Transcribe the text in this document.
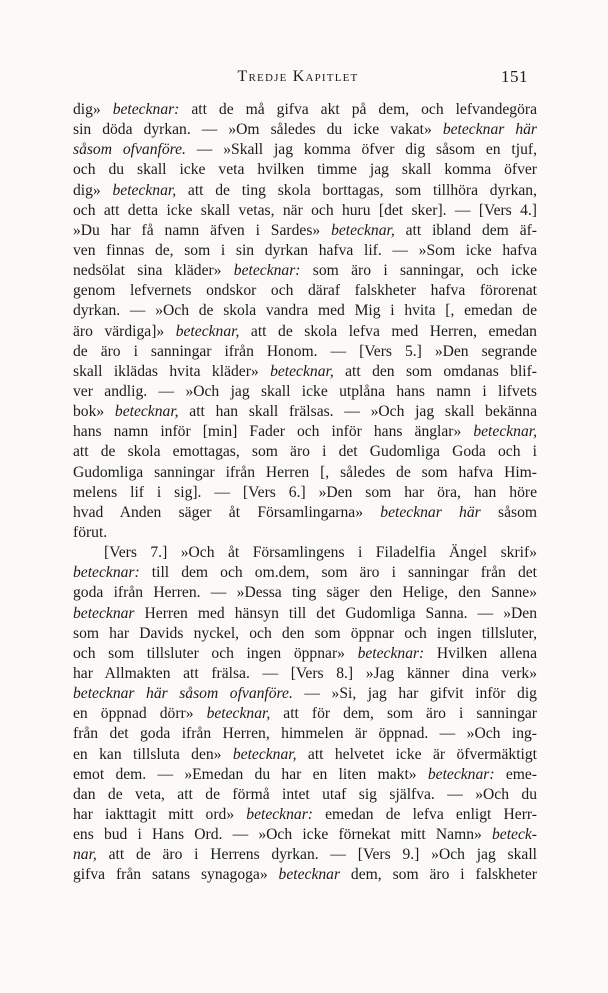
Tredje Kapitlet	151
dig» betecknar: att de må gifva akt på dem, och lefvandegöra
sin döda dyrkan. — »Om således du icke vakat» betecknar här
såsom ofvanföre. — »Skall jag komma öfver dig såsom en tjuf,
och du skall icke veta hvilken timme jag skall komma öfver
dig» betecknar, att de ting skola borttagas, som tillhöra dyrkan,
och att detta icke skall vetas, när och huru [det sker]. — [Vers 4.]
»Du har få namn äfven i Sardes» betecknar, att ibland dem äf-
ven finnas de, som i sin dyrkan hafva lif. — »Som icke hafva
nedsölat sina kläder» betecknar: som äro i sanningar, och icke
genom lefvernets ondskor och däraf falskheter hafva förorenat
dyrkan. — »Och de skola vandra med Mig i hvita [, emedan de
äro värdiga]» betecknar, att de skola lefva med Herren, emedan
de äro i sanningar ifrån Honom. — [Vers 5.] »Den segrande
skall iklädas hvita kläder» betecknar, att den som omdanas blif-
ver andlig. — »Och jag skall icke utplåna hans namn i lifvets
bok» betecknar, att han skall frälsas. — »Och jag skall bekänna
hans namn inför [min] Fader och inför hans änglar» betecknar,
att de skola emottagas, som äro i det Gudomliga Goda och i
Gudomliga sanningar ifrån Herren [, således de som hafva Him-
melens lif i sig]. — [Vers 6.] »Den som har öra, han höre
hvad Anden säger åt Församlingarna» betecknar här såsom
förut.
[Vers 7.] »Och åt Församlingens i Filadelfia Ängel skrif»
betecknar: till dem och om.dem, som äro i sanningar från det
goda ifrån Herren. — »Dessa ting säger den Helige, den Sanne»
betecknar Herren med hänsyn till det Gudomliga Sanna. — »Den
som har Davids nyckel, och den som öppnar och ingen tillsluter,
och som tillsluter och ingen öppnar» betecknar: Hvilken allena
har Allmakten att frälsa. — [Vers 8.] »Jag känner dina verk»
betecknar här såsom ofvanföre. — »Si, jag har gifvit inför dig
en öppnad dörr» betecknar, att för dem, som äro i sanningar
från det goda ifrån Herren, himmelen är öppnad. — »Och ing-
en kan tillsluta den» betecknar, att helvetet icke är öfvermäktigt
emot dem. — »Emedan du har en liten makt» betecknar: eme-
dan de veta, att de förmå intet utaf sig själfva. — »Och du
har iakttagit mitt ord» betecknar: emedan de lefva enligt Herr-
ens bud i Hans Ord. — »Och icke förnekat mitt Namn» beteck-
nar, att de äro i Herrens dyrkan. — [Vers 9.] »Och jag skall
gifva från satans synagoga» betecknar dem, som äro i falskheter
